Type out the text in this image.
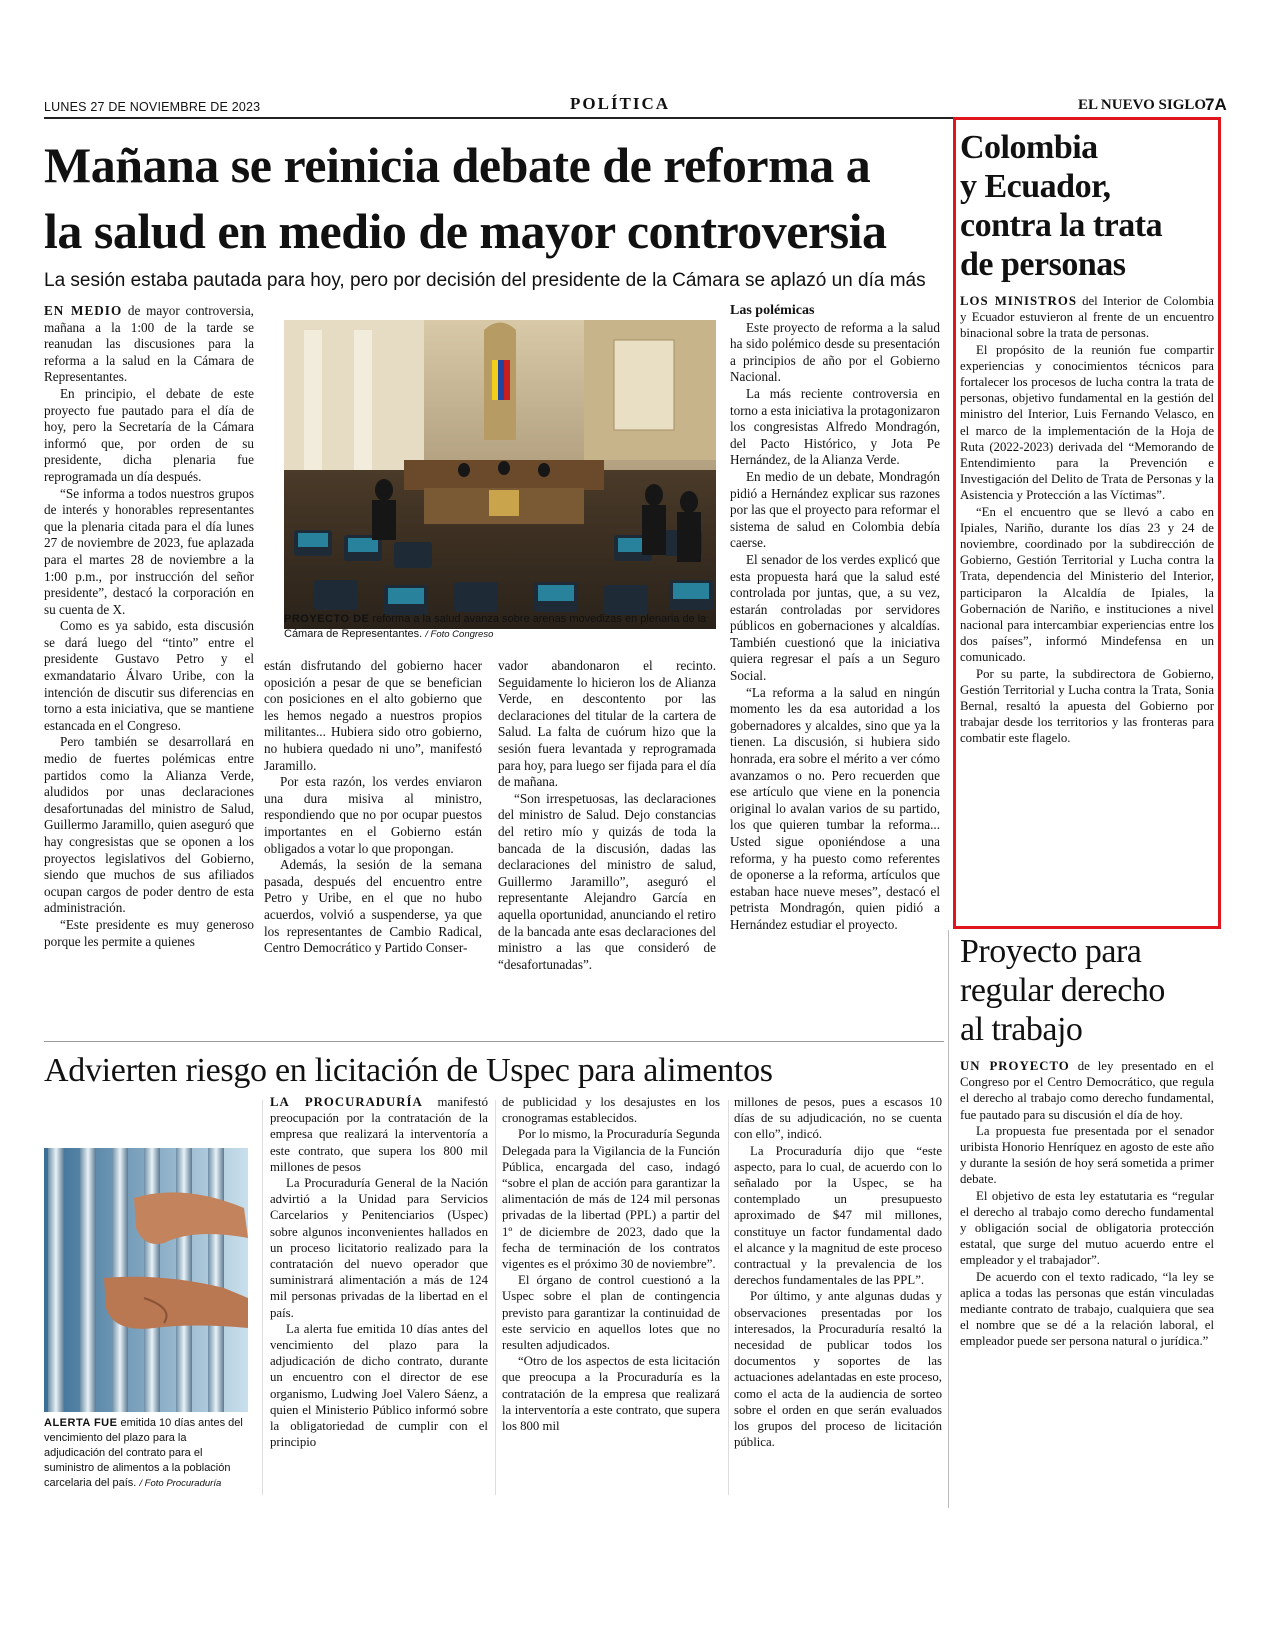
LUNES 27 DE NOVIEMBRE DE 2023	POLÍTICA	EL NUEVO SIGLO
7A
Mañana se reinicia debate de reforma a
la salud en medio de mayor controversia
La sesión estaba pautada para hoy, pero por decisión del presidente de la Cámara se aplazó un día más

EN MEDIO de mayor controversia, mañana a la 1:00 de la tarde se reanudan las discusiones para la reforma a la salud en la Cámara de Representantes.

En principio, el debate de este proyecto fue pautado para el día de hoy, pero la Secretaría de la Cámara informó que, por orden de su presidente, dicha plenaria fue reprogramada un día después.

“Se informa a todos nuestros grupos de interés y honorables representantes que la plenaria citada para el día lunes 27 de noviembre de 2023, fue aplazada para el martes 28 de noviembre a la 1:00 p.m., por instrucción del señor presidente”, destacó la corporación en su cuenta de X.

Como es ya sabido, esta discusión se dará luego del “tinto” entre el presidente Gustavo Petro y el exmandatario Álvaro Uribe, con la intención de discutir sus diferencias en torno a esta iniciativa, que se mantiene estancada en el Congreso.

Pero también se desarrollará en medio de fuertes polémicas entre partidos como la Alianza Verde, aludidos por unas declaraciones desafortunadas del ministro de Salud, Guillermo Jaramillo, quien aseguró que hay congresistas que se oponen a los proyectos legislativos del Gobierno, siendo que muchos de sus afiliados ocupan cargos de poder dentro de esta administración.

“Este presidente es muy generoso porque les permite a quienes

PROYECTO DE reforma a la salud avanza sobre arenas movedizas en plenaria de la Cámara de Representantes. / Foto Congreso

están disfrutando del gobierno hacer oposición a pesar de que se benefician con posiciones en el alto gobierno que les hemos negado a nuestros propios militantes... Hubiera sido otro gobierno, no hubiera quedado ni uno”, manifestó Jaramillo.

Por esta razón, los verdes enviaron una dura misiva al ministro, respondiendo que no por ocupar puestos importantes en el Gobierno están obligados a votar lo que propongan.

Además, la sesión de la semana pasada, después del encuentro entre Petro y Uribe, en el que no hubo acuerdos, volvió a suspenderse, ya que los representantes de Cambio Radical, Centro Democrático y Partido Conser-

vador abandonaron el recinto. Seguidamente lo hicieron los de Alianza Verde, en descontento por las declaraciones del titular de la cartera de Salud. La falta de cuórum hizo que la sesión fuera levantada y reprogramada para hoy, para luego ser fijada para el día de mañana.

“Son irrespetuosas, las declaraciones del ministro de Salud. Dejo constancias del retiro mío y quizás de toda la bancada de la discusión, dadas las declaraciones del ministro de salud, Guillermo Jaramillo”, aseguró el representante Alejandro García en aquella oportunidad, anunciando el retiro de la bancada ante esas declaraciones del ministro a las que consideró de “desafortunadas”.

Las polémicas

Este proyecto de reforma a la salud ha sido polémico desde su presentación a principios de año por el Gobierno Nacional.

La más reciente controversia en torno a esta iniciativa la protagonizaron los congresistas Alfredo Mondragón, del Pacto Histórico, y Jota Pe Hernández, de la Alianza Verde.

En medio de un debate, Mondragón pidió a Hernández explicar sus razones por las que el proyecto para reformar el sistema de salud en Colombia debía caerse.

El senador de los verdes explicó que esta propuesta hará que la salud esté controlada por juntas, que, a su vez, estarán controladas por servidores públicos en gobernaciones y alcaldías. También cuestionó que la iniciativa quiera regresar el país a un Seguro Social.

“La reforma a la salud en ningún momento les da esa autoridad a los gobernadores y alcaldes, sino que ya la tienen. La discusión, si hubiera sido honrada, era sobre el mérito a ver cómo avanzamos o no. Pero recuerden que ese artículo que viene en la ponencia original lo avalan varios de su partido, los que quieren tumbar la reforma... Usted sigue oponiéndose a una reforma, y ha puesto como referentes de oponerse a la reforma, artículos que estaban hace nueve meses”, destacó el petrista Mondragón, quien pidió a Hernández estudiar el proyecto.

Colombia
y Ecuador,
contra la trata
de personas

LOS MINISTROS del Interior de Colombia y Ecuador estuvieron al frente de un encuentro binacional sobre la trata de personas.

El propósito de la reunión fue compartir experiencias y conocimientos técnicos para fortalecer los procesos de lucha contra la trata de personas, objetivo fundamental en la gestión del ministro del Interior, Luis Fernando Velasco, en el marco de la implementación de la Hoja de Ruta (2022-2023) derivada del “Memorando de Entendimiento para la Prevención e Investigación del Delito de Trata de Personas y la Asistencia y Protección a las Víctimas”.

“En el encuentro que se llevó a cabo en Ipiales, Nariño, durante los días 23 y 24 de noviembre, coordinado por la subdirección de Gobierno, Gestión Territorial y Lucha contra la Trata, dependencia del Ministerio del Interior, participaron la Alcaldía de Ipiales, la Gobernación de Nariño, e instituciones a nivel nacional para intercambiar experiencias entre los dos países”, informó Mindefensa en un comunicado.

Por su parte, la subdirectora de Gobierno, Gestión Territorial y Lucha contra la Trata, Sonia Bernal, resaltó la apuesta del Gobierno por trabajar desde los territorios y las fronteras para combatir este flagelo.

Proyecto para
regular derecho
al trabajo

UN PROYECTO de ley presentado en el Congreso por el Centro Democrático, que regula el derecho al trabajo como derecho fundamental, fue pautado para su discusión el día de hoy.

La propuesta fue presentada por el senador uribista Honorio Henríquez en agosto de este año y durante la sesión de hoy será sometida a primer debate.

El objetivo de esta ley estatutaria es “regular el derecho al trabajo como derecho fundamental y obligación social de obligatoria protección estatal, que surge del mutuo acuerdo entre el empleador y el trabajador”.

De acuerdo con el texto radicado, “la ley se aplica a todas las personas que están vinculadas mediante contrato de trabajo, cualquiera que sea el nombre que se dé a la relación laboral, el empleador puede ser persona natural o jurídica.”

Advierten riesgo en licitación de Uspec para alimentos
ALERTA FUE emitida 10 días antes del vencimiento del plazo para la adjudicación del contrato para el suministro de alimentos a la población carcelaria del país. / Foto Procuraduría

LA PROCURADURÍA manifestó preocupación por la contratación de la empresa que realizará la interventoría a este contrato, que supera los 800 mil millones de pesos

La Procuraduría General de la Nación advirtió a la Unidad para Servicios Carcelarios y Penitenciarios (Uspec) sobre algunos inconvenientes hallados en un proceso licitatorio realizado para la contratación del nuevo operador que suministrará alimentación a más de 124 mil personas privadas de la libertad en el país.

La alerta fue emitida 10 días antes del vencimiento del plazo para la adjudicación de dicho contrato, durante un encuentro con el director de ese organismo, Ludwing Joel Valero Sáenz, a quien el Ministerio Público informó sobre la obligatoriedad de cumplir con el principio

de publicidad y los desajustes en los cronogramas establecidos.

Por lo mismo, la Procuraduría Segunda Delegada para la Vigilancia de la Función Pública, encargada del caso, indagó “sobre el plan de acción para garantizar la alimentación de más de 124 mil personas privadas de la libertad (PPL) a partir del 1º de diciembre de 2023, dado que la fecha de terminación de los contratos vigentes es el próximo 30 de noviembre”.

El órgano de control cuestionó a la Uspec sobre el plan de contingencia previsto para garantizar la continuidad de este servicio en aquellos lotes que no resulten adjudicados.

“Otro de los aspectos de esta licitación que preocupa a la Procuraduría es la contratación de la empresa que realizará la interventoría a este contrato, que supera los 800 mil

millones de pesos, pues a escasos 10 días de su adjudicación, no se cuenta con ello”, indicó.

La Procuraduría dijo que “este aspecto, para lo cual, de acuerdo con lo señalado por la Uspec, se ha contemplado un presupuesto aproximado de $47 mil millones, constituye un factor fundamental dado el alcance y la magnitud de este proceso contractual y la prevalencia de los derechos fundamentales de las PPL”.

Por último, y ante algunas dudas y observaciones presentadas por los interesados, la Procuraduría resaltó la necesidad de publicar todos los documentos y soportes de las actuaciones adelantadas en este proceso, como el acta de la audiencia de sorteo sobre el orden en que serán evaluados los grupos del proceso de licitación pública.
